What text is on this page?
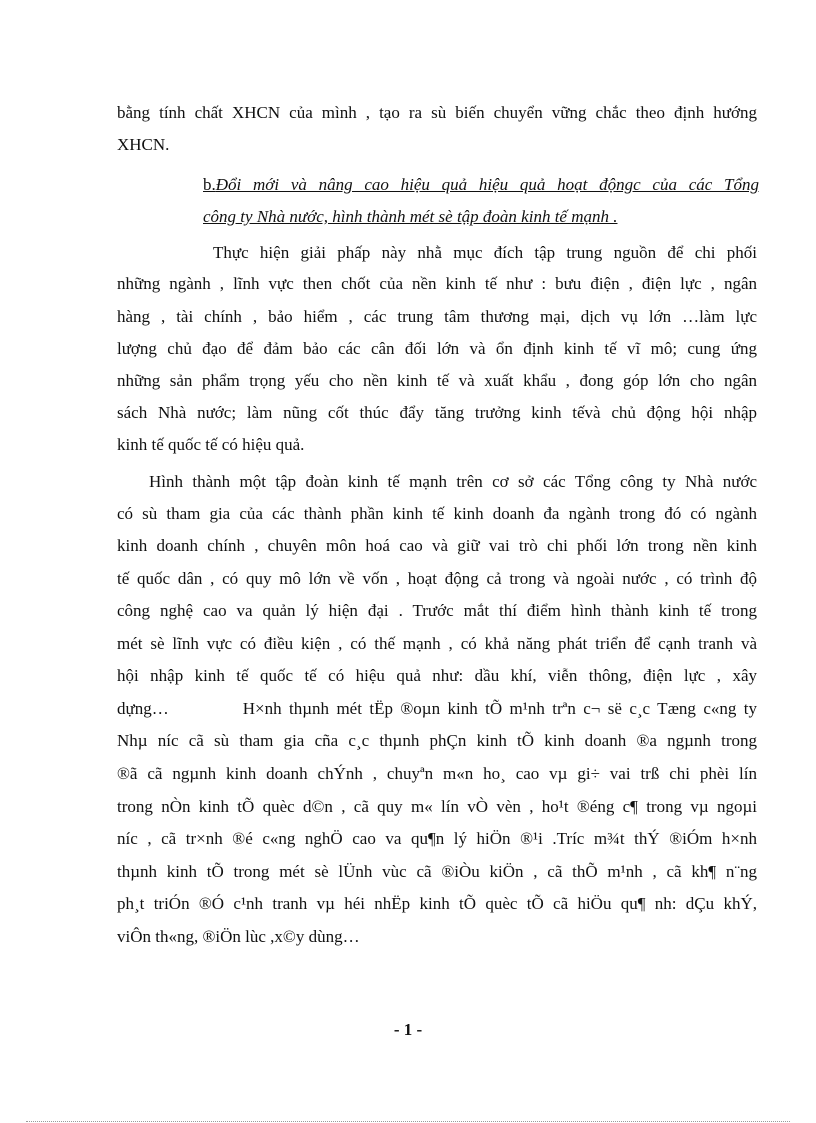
bằng tính chất XHCN của mình , tạo ra sù biến chuyển vững chắc theo định hướng
XHCN.
b.Đổi mới và nâng cao hiệu quả hiệu quả hoạt độngc của các Tổng
công ty Nhà nước, hình thành mét sè tập đoàn kinh tế mạnh .
Thực hiện giải phấp này nhằ mục đích tập trung nguồn để chi phối
những ngành , lĩnh vực then chốt của nền kinh tế như : bưu điện , điện lực , ngân
hàng , tài chính , bảo hiểm , các trung tâm thương mại, dịch vụ lớn …làm lực
lượng chủ đạo để đảm bảo các cân đối lớn và ổn định kinh tế vĩ mô; cung ứng
những sản phẩm trọng yếu cho nền kinh tế và xuất khẩu , đong góp lớn cho ngân
sách Nhà nước; làm nũng cốt thúc đẩy tăng trưởng kinh tếvà chủ động hội nhập
kinh tế quốc tế có hiệu quả.
Hình thành một tập đoàn kinh tế mạnh trên cơ sở các Tổng công ty Nhà nước
có sù tham gia của các thành phần kinh tế kinh doanh đa ngành trong đó có ngành
kinh doanh chính , chuyên môn hoá cao và giữ vai trò chi phối lớn trong nền kinh
tế quốc dân , có quy mô lớn về vốn , hoạt động cả trong và ngoài nước , có trình độ
công nghệ cao va quản lý hiện đại . Trước mắt thí điểm hình thành kinh tế trong
mét sè lĩnh vực có điều kiện , có thế mạnh , có khả năng phát triển để cạnh tranh và
hội nhập kinh tế quốc tế có hiệu quả như: dầu khí, viễn thông, điện lực , xây
dựng…          H×nh thµnh mét tËp ®oµn kinh tÕ m¹nh trªn c¬ së c¸c Tæng c«ng ty
Nhµ níc cã sù tham gia cña c¸c thµnh phÇn kinh tÕ kinh doanh ®a ngµnh trong
®ã cã ngµnh kinh doanh chÝnh , chuyªn m«n ho¸ cao vµ gi÷ vai trß chi phèi lín
trong nÒn kinh tÕ quèc d©n , cã quy m« lín vÒ vèn , ho¹t ®éng c¶ trong vµ ngoµi
níc , cã tr×nh ®é c«ng nghÖ cao va qu¶n lý hiÖn ®¹i .Tríc m¾t thÝ ®iÓm h×nh
thµnh kinh tÕ trong mét sè lÜnh vùc cã ®iÒu kiÖn , cã thÕ m¹nh , cã kh¶ n¨ng
ph¸t triÓn ®Ó c¹nh tranh vµ héi nhËp kinh tÕ quèc tÕ cã hiÖu qu¶ nh: dÇu khÝ,
viÔn th«ng, ®iÖn lùc ,x©y dùng…
- 1 -
